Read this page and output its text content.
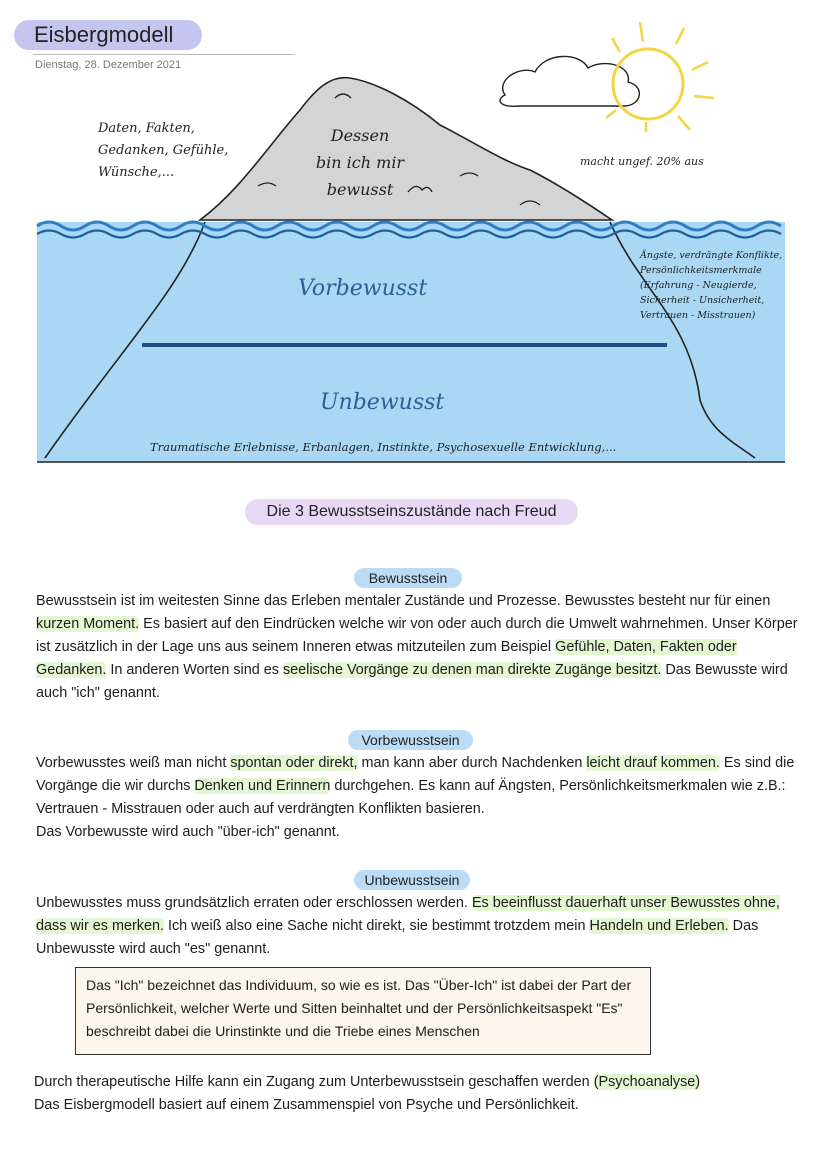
Eisbergmodell
Dienstag, 28. Dezember 2021
Daten, Fakten,
Gedanken, Gefühle,
Wünsche,...
Dessen
bin ich mir
bewusst
macht ungef. 20% aus
Vorbewusst
Unbewusst
Ängste, verdrängte Konflikte,
Persönlichkeitsmerkmale
(Erfahrung - Neugierde,
Sicherheit - Unsicherheit,
Vertrauen - Misstrauen)
Traumatische Erlebnisse, Erbanlagen, Instinkte, Psychosexuelle Entwicklung,...
Die 3 Bewusstseinszustände nach Freud
Bewusstsein
Bewusstsein ist im weitesten Sinne das Erleben mentaler Zustände und Prozesse. Bewusstes besteht nur für einen kurzen Moment. Es basiert auf den Eindrücken welche wir von oder auch durch die Umwelt wahrnehmen. Unser Körper ist zusätzlich in der Lage uns aus seinem Inneren etwas mitzuteilen zum Beispiel Gefühle, Daten, Fakten oder Gedanken. In anderen Worten sind es seelische Vorgänge zu denen man direkte Zugänge besitzt. Das Bewusste wird auch "ich" genannt.
Vorbewusstsein
Vorbewusstes weiß man nicht spontan oder direkt, man kann aber durch Nachdenken leicht drauf kommen. Es sind die Vorgänge die wir durchs Denken und Erinnern durchgehen. Es kann auf Ängsten, Persönlichkeitsmerkmalen wie z.B.: Vertrauen - Misstrauen oder auch auf verdrängten Konflikten basieren.
Das Vorbewusste wird auch "über-ich" genannt.
Unbewusstsein
Unbewusstes muss grundsätzlich erraten oder erschlossen werden. Es beeinflusst dauerhaft unser Bewusstes ohne, dass wir es merken. Ich weiß also eine Sache nicht direkt, sie bestimmt trotzdem mein Handeln und Erleben. Das Unbewusste wird auch "es" genannt.
Das "Ich" bezeichnet das Individuum, so wie es ist. Das "Über-Ich" ist dabei der Part der Persönlichkeit, welcher Werte und Sitten beinhaltet und der Persönlichkeitsaspekt "Es" beschreibt dabei die Urinstinkte und die Triebe eines Menschen
Durch therapeutische Hilfe kann ein Zugang zum Unterbewusstsein geschaffen werden (Psychoanalyse)
Das Eisbergmodell basiert auf einem Zusammenspiel von Psyche und Persönlichkeit.
